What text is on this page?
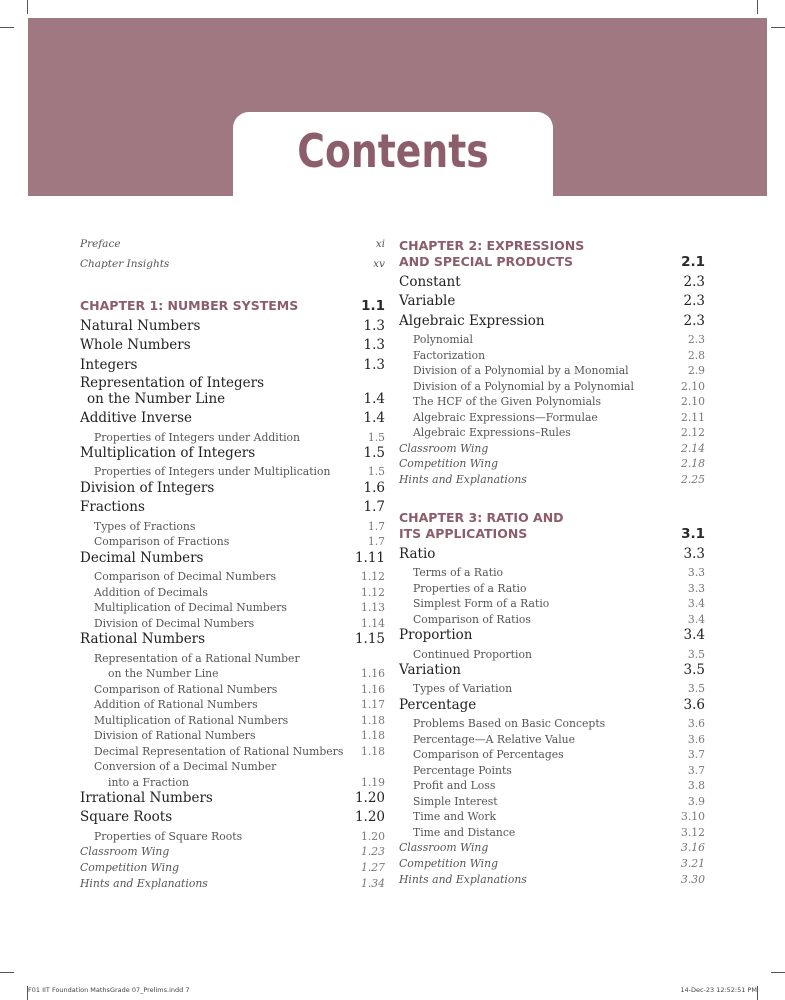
Contents
Preface	xi
Chapter Insights	xv
CHAPTER 1: NUMBER SYSTEMS	1.1
Natural Numbers	1.3
Whole Numbers	1.3
Integers	1.3
Representation of Integers
on the Number Line	1.4
Additive Inverse	1.4
Properties of Integers under Addition	1.5
Multiplication of Integers	1.5
Properties of Integers under Multiplication	1.5
Division of Integers	1.6
Fractions	1.7
Types of Fractions	1.7
Comparison of Fractions	1.7
Decimal Numbers	1.11
Comparison of Decimal Numbers	1.12
Addition of Decimals	1.12
Multiplication of Decimal Numbers	1.13
Division of Decimal Numbers	1.14
Rational Numbers	1.15
Representation of a Rational Number
on the Number Line	1.16
Comparison of Rational Numbers	1.16
Addition of Rational Numbers	1.17
Multiplication of Rational Numbers	1.18
Division of Rational Numbers	1.18
Decimal Representation of Rational Numbers	1.18
Conversion of a Decimal Number
into a Fraction	1.19
Irrational Numbers	1.20
Square Roots	1.20
Properties of Square Roots	1.20
Classroom Wing	1.23
Competition Wing	1.27
Hints and Explanations	1.34
CHAPTER 2: EXPRESSIONS
AND SPECIAL PRODUCTS	2.1
Constant	2.3
Variable	2.3
Algebraic Expression	2.3
Polynomial	2.3
Factorization	2.8
Division of a Polynomial by a Monomial	2.9
Division of a Polynomial by a Polynomial	2.10
The HCF of the Given Polynomials	2.10
Algebraic Expressions—Formulae	2.11
Algebraic Expressions–Rules	2.12
Classroom Wing	2.14
Competition Wing	2.18
Hints and Explanations	2.25
CHAPTER 3: RATIO AND
ITS APPLICATIONS	3.1
Ratio	3.3
Terms of a Ratio	3.3
Properties of a Ratio	3.3
Simplest Form of a Ratio	3.4
Comparison of Ratios	3.4
Proportion	3.4
Continued Proportion	3.5
Variation	3.5
Types of Variation	3.5
Percentage	3.6
Problems Based on Basic Concepts	3.6
Percentage—A Relative Value	3.6
Comparison of Percentages	3.7
Percentage Points	3.7
Profit and Loss	3.8
Simple Interest	3.9
Time and Work	3.10
Time and Distance	3.12
Classroom Wing	3.16
Competition Wing	3.21
Hints and Explanations	3.30
F01 IIT Foundation MathsGrade 07_Prelims.indd 7	14-Dec-23 12:52:51 PM
